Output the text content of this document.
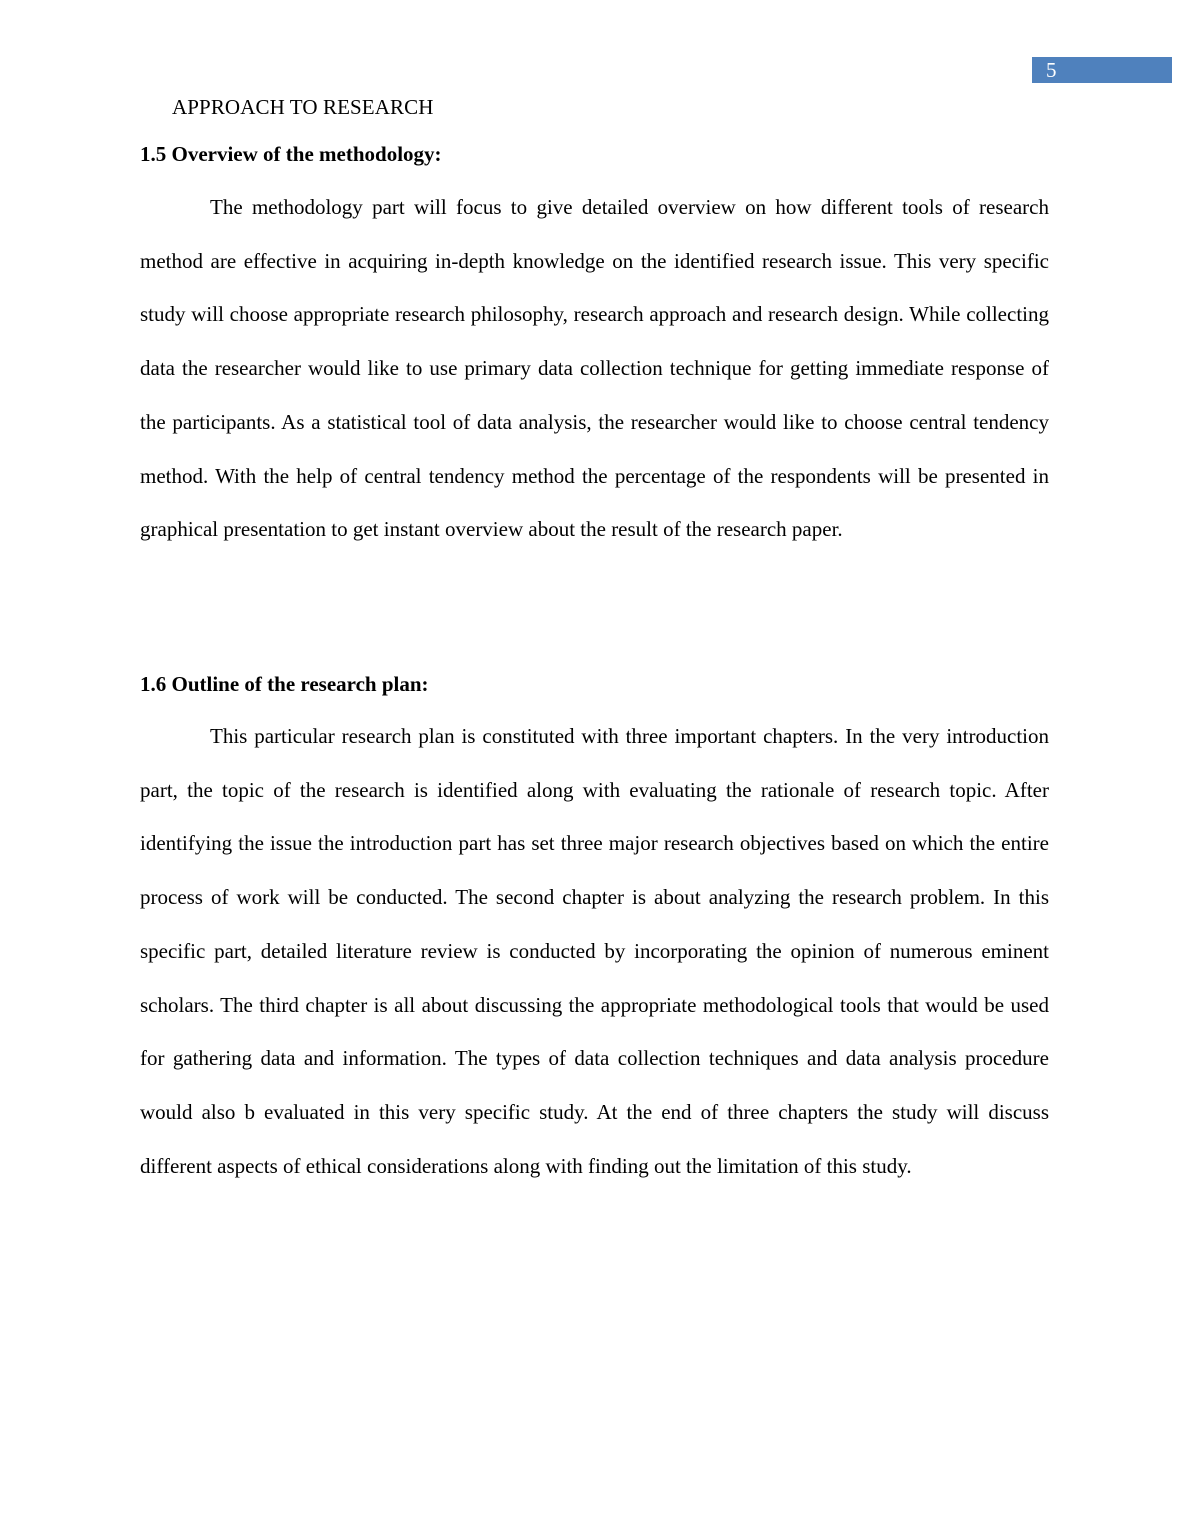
5
APPROACH TO RESEARCH
1.5 Overview of the methodology:

The methodology part will focus to give detailed overview on how different tools of research method are effective in acquiring in-depth knowledge on the identified research issue. This very specific study will choose appropriate research philosophy, research approach and research design. While collecting data the researcher would like to use primary data collection technique for getting immediate response of the participants. As a statistical tool of data analysis, the researcher would like to choose central tendency method. With the help of central tendency method the percentage of the respondents will be presented in graphical presentation to get instant overview about the result of the research paper.

1.6 Outline of the research plan:

This particular research plan is constituted with three important chapters. In the very introduction part, the topic of the research is identified along with evaluating the rationale of research topic. After identifying the issue the introduction part has set three major research objectives based on which the entire process of work will be conducted. The second chapter is about analyzing the research problem. In this specific part, detailed literature review is conducted by incorporating the opinion of numerous eminent scholars. The third chapter is all about discussing the appropriate methodological tools that would be used for gathering data and information. The types of data collection techniques and data analysis procedure would also b evaluated in this very specific study. At the end of three chapters the study will discuss different aspects of ethical considerations along with finding out the limitation of this study.
